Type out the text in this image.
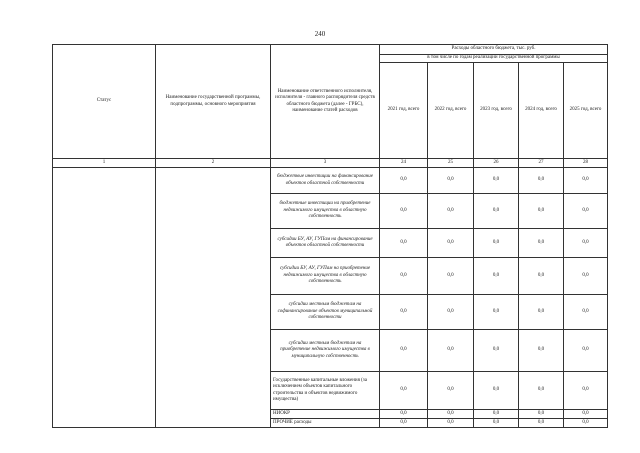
240
Статус	Наименование государственной программы, подпрограммы, основного мероприятия	Наименование ответственного исполнителя, исполнителя - главного распорядителя средств областного бюджета (далее - ГРБС), наименование статей расходов	Расходы областного бюджета, тыс. руб.				
			в том числе по годам реализации государственной программы				
			2021 год, всего	2022 год, всего	2023 год, всего	2024 год, всего	2025 год, всего
1	2	3	24	25	26	27	28
		бюджетные инвестиции на финансирование объектов областной собственности	0,0	0,0	0,0	0,0	0,0
		бюджетные инвестиции на приобретение недвижимого имущества в областную собственность	0,0	0,0	0,0	0,0	0,0
		субсидии БУ, АУ, ГУПам на финансирование объектов областной собственности	0,0	0,0	0,0	0,0	0,0
		субсидии БУ, АУ, ГУПам на приобретение недвижимого имущества в областную собственность	0,0	0,0	0,0	0,0	0,0
		субсидии местным бюджетам на софинансирование объектов муниципальной собственности	0,0	0,0	0,0	0,0	0,0
		субсидии местным бюджетам на приобретение недвижимого имущества в муниципальную собственность	0,0	0,0	0,0	0,0	0,0
		Государственные капитальные вложения (за исключением объектов капитального строительства и объектов недвижимого имущества)	0,0	0,0	0,0	0,0	0,0
		НИОКР	0,0	0,0	0,0	0,0	0,0
		ПРОЧИЕ расходы	0,0	0,0	0,0	0,0	0,0
